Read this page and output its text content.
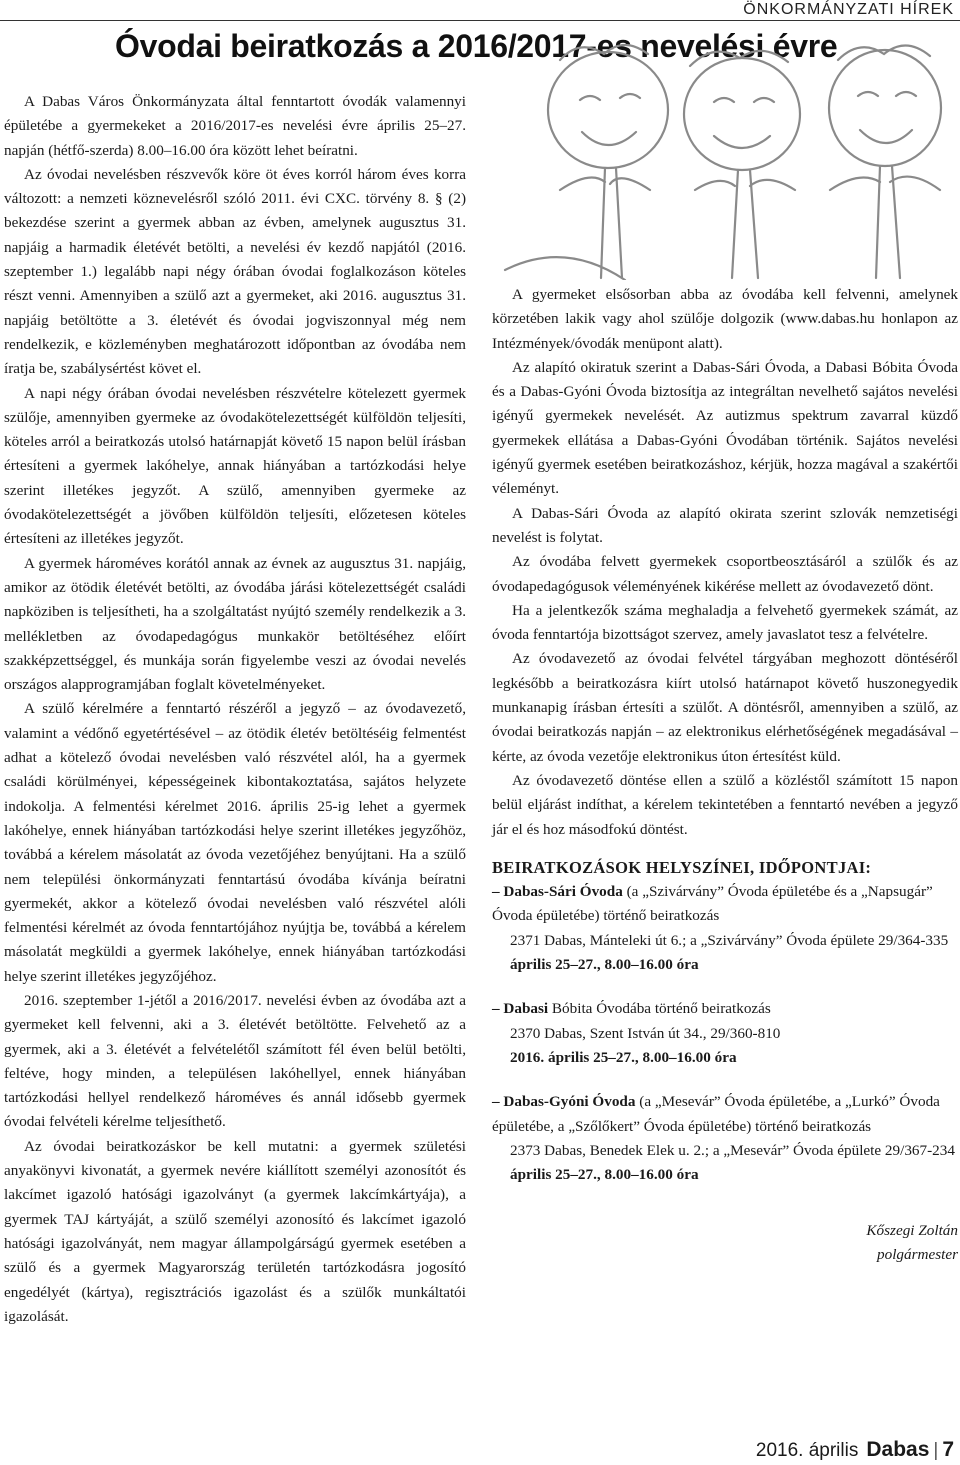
ÖNKORMÁNYZATI HÍREK
Óvodai beiratkozás a 2016/2017-es nevelési évre

A Dabas Város Önkormányzata által fenntartott óvodák valamennyi épületébe a gyermekeket a 2016/2017-es nevelési évre április 25–27. napján (hétfő-szerda) 8.00–16.00 óra között lehet beíratni.

Az óvodai nevelésben részvevők köre öt éves korról három éves korra változott: a nemzeti köznevelésről szóló 2011. évi CXC. törvény 8. § (2) bekezdése szerint a gyermek abban az évben, amelynek augusztus 31. napjáig a harmadik életévét betölti, a nevelési év kezdő napjától (2016. szeptember 1.) legalább napi négy órában óvodai foglalkozáson köteles részt venni. Amennyiben a szülő azt a gyermeket, aki 2016. augusztus 31. napjáig betöltötte a 3. életévét és óvodai jogviszonnyal még nem rendelkezik, e közleményben meghatározott időpontban az óvodába nem íratja be, szabálysértést követ el.

A napi négy órában óvodai nevelésben részvételre kötelezett gyermek szülője, amennyiben gyermeke az óvodakötelezettségét külföldön teljesíti, köteles arról a beiratkozás utolsó határnapját követő 15 napon belül írásban értesíteni a gyermek lakóhelye, annak hiányában a tartózkodási helye szerint illetékes jegyzőt. A szülő, amennyiben gyermeke az óvodakötelezettségét a jövőben külföldön teljesíti, előzetesen köteles értesíteni az illetékes jegyzőt.

A gyermek hároméves korától annak az évnek az augusztus 31. napjáig, amikor az ötödik életévét betölti, az óvodába járási kötelezettségét családi napköziben is teljesítheti, ha a szolgáltatást nyújtó személy rendelkezik a 3. mellékletben az óvodapedagógus munkakör betöltéséhez előírt szakképzettséggel, és munkája során figyelembe veszi az óvodai nevelés országos alapprogramjában foglalt követelményeket.

A szülő kérelmére a fenntartó részéről a jegyző – az óvodavezető, valamint a védőnő egyetértésével – az ötödik életév betöltéséig felmentést adhat a kötelező óvodai nevelésben való részvétel alól, ha a gyermek családi körülményei, képességeinek kibontakoztatása, sajátos helyzete indokolja. A felmentési kérelmet 2016. április 25-ig lehet a gyermek lakóhelye, ennek hiányában tartózkodási helye szerint illetékes jegyzőhöz, továbbá a kérelem másolatát az óvoda vezetőjéhez benyújtani. Ha a szülő nem települési önkormányzati fenntartású óvodába kívánja beíratni gyermekét, akkor a kötelező óvodai nevelésben való részvétel alóli felmentési kérelmét az óvoda fenntartójához nyújtja be, továbbá a kérelem másolatát megküldi a gyermek lakóhelye, ennek hiányában tartózkodási helye szerint illetékes jegyzőjéhoz.

2016. szeptember 1-jétől a 2016/2017. nevelési évben az óvodába azt a gyermeket kell felvenni, aki a 3. életévét betöltötte. Felvehető az a gyermek, aki a 3. életévét a felvételétől számított fél éven belül betölti, feltéve, hogy minden, a településen lakóhellyel, ennek hiányában tartózkodási hellyel rendelkező hároméves és annál idősebb gyermek óvodai felvételi kérelme teljesíthető.

Az óvodai beiratkozáskor be kell mutatni: a gyermek születési anyakönyvi kivonatát, a gyermek nevére kiállított személyi azonosítót és lakcímet igazoló hatósági igazolványt (a gyermek lakcímkártyája), a gyermek TAJ kártyáját, a szülő személyi azonosító és lakcímet igazoló hatósági igazolványát, nem magyar állampolgárságú gyermek esetében a szülő és a gyermek Magyarország területén tartózkodásra jogosító engedélyét (kártya), regisztrációs igazolást és a szülők munkáltatói igazolását.

A gyermeket elsősorban abba az óvodába kell felvenni, amelynek körzetében lakik vagy ahol szülője dolgozik (www.dabas.hu honlapon az Intézmények/óvodák menüpont alatt).

Az alapító okiratuk szerint a Dabas-Sári Óvoda, a Dabasi Bóbita Óvoda és a Dabas-Gyóni Óvoda biztosítja az integráltan nevelhető sajátos nevelési igényű gyermekek nevelését. Az autizmus spektrum zavarral küzdő gyermekek ellátása a Dabas-Gyóni Óvodában történik. Sajátos nevelési igényű gyermek esetében beiratkozáshoz, kérjük, hozza magával a szakértői véleményt.

A Dabas-Sári Óvoda az alapító okirata szerint szlovák nemzetiségi nevelést is folytat.

Az óvodába felvett gyermekek csoportbeosztásáról a szülők és az óvodapedagógusok véleményének kikérése mellett az óvodavezető dönt.

Ha a jelentkezők száma meghaladja a felvehető gyermekek számát, az óvoda fenntartója bizottságot szervez, amely javaslatot tesz a felvételre.

Az óvodavezető az óvodai felvétel tárgyában meghozott döntéséről legkésőbb a beiratkozásra kiírt utolsó határnapot követő huszonegyedik munkanapig írásban értesíti a szülőt. A döntésről, amennyiben a szülő, az óvodai beiratkozás napján – az elektronikus elérhetőségének megadásával – kérte, az óvoda vezetője elektronikus úton értesítést küld.

Az óvodavezető döntése ellen a szülő a közléstől számított 15 napon belül eljárást indíthat, a kérelem tekintetében a fenntartó nevében a jegyző jár el és hoz másodfokú döntést.

BEIRATKOZÁSOK HELYSZÍNEI, IDŐPONTJAI:
– Dabas-Sári Óvoda (a „Szivárvány” Óvoda épületébe és a „Napsugár” Óvoda épületébe) történő beiratkozás
2371 Dabas, Mánteleki út 6.; a „Szivárvány” Óvoda épülete 29/364-335
április 25–27., 8.00–16.00 óra
– Dabasi Bóbita Óvodába történő beiratkozás
2370 Dabas, Szent István út 34., 29/360-810
2016. április 25–27., 8.00–16.00 óra
– Dabas-Gyóni Óvoda (a „Mesevár” Óvoda épületébe, a „Lurkó” Óvoda épületébe, a „Szőlőkert” Óvoda épületébe) történő beiratkozás
2373 Dabas, Benedek Elek u. 2.; a „Mesevár” Óvoda épülete 29/367-234
április 25–27., 8.00–16.00 óra
Kőszegi Zoltán
polgármester
2016. április Dabas | 7
